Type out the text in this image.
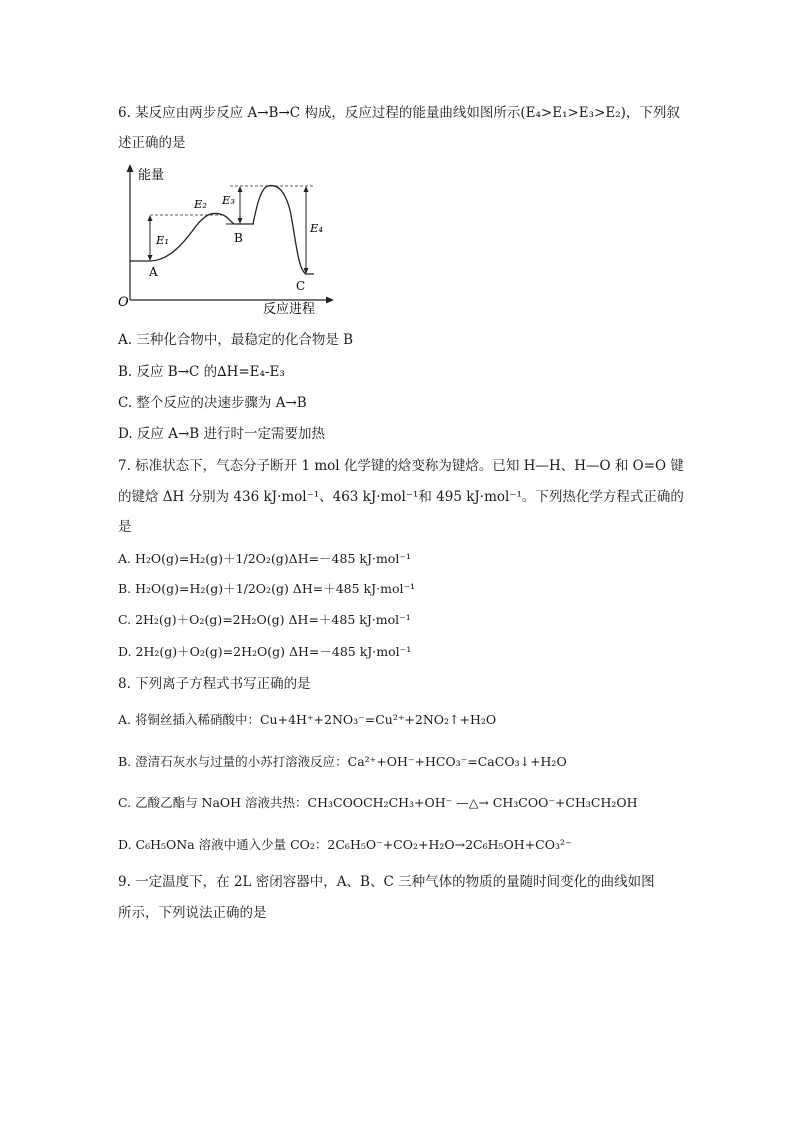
6. 某反应由两步反应 A→B→C 构成，反应过程的能量曲线如图所示(E₄>E₁>E₃>E₂)，下列叙
述正确的是
能量
反应进程
O
E₁
E₂ E₃
E₄
A
B
C
A. 三种化合物中，最稳定的化合物是 B
B. 反应 B→C 的∆H=E₄-E₃
C. 整个反应的决速步骤为 A→B
D. 反应 A→B 进行时一定需要加热
7. 标准状态下，气态分子断开 1 mol 化学键的焓变称为键焓。已知 H—H、H—O 和 O=O 键
的键焓 ΔH 分别为 436 kJ·mol⁻¹、463 kJ·mol⁻¹和 495 kJ·mol⁻¹。下列热化学方程式正确的
是
A. H₂O(g)=H₂(g)＋1/2O₂(g)ΔH=－485 kJ·mol⁻¹
B. H₂O(g)=H₂(g)＋1/2O₂(g) ΔH=＋485 kJ·mol⁻¹
C. 2H₂(g)＋O₂(g)=2H₂O(g) ΔH=＋485 kJ·mol⁻¹
D. 2H₂(g)＋O₂(g)=2H₂O(g) ΔH=－485 kJ·mol⁻¹
8. 下列离子方程式书写正确的是
A. 将铜丝插入稀硝酸中：Cu+4H⁺+2NO₃⁻=Cu²⁺+2NO₂↑+H₂O
B. 澄清石灰水与过量的小苏打溶液反应：Ca²⁺+OH⁻+HCO₃⁻=CaCO₃↓+H₂O
C. 乙酸乙酯与 NaOH 溶液共热：CH₃COOCH₂CH₃+OH⁻ —△→ CH₃COO⁻+CH₃CH₂OH
D. C₆H₅ONa 溶液中通入少量 CO₂：2C₆H₅O⁻+CO₂+H₂O→2C₆H₅OH+CO₃²⁻
9. 一定温度下，在 2L 密闭容器中，A、B、C 三种气体的物质的量随时间变化的曲线如图
所示，下列说法正确的是
